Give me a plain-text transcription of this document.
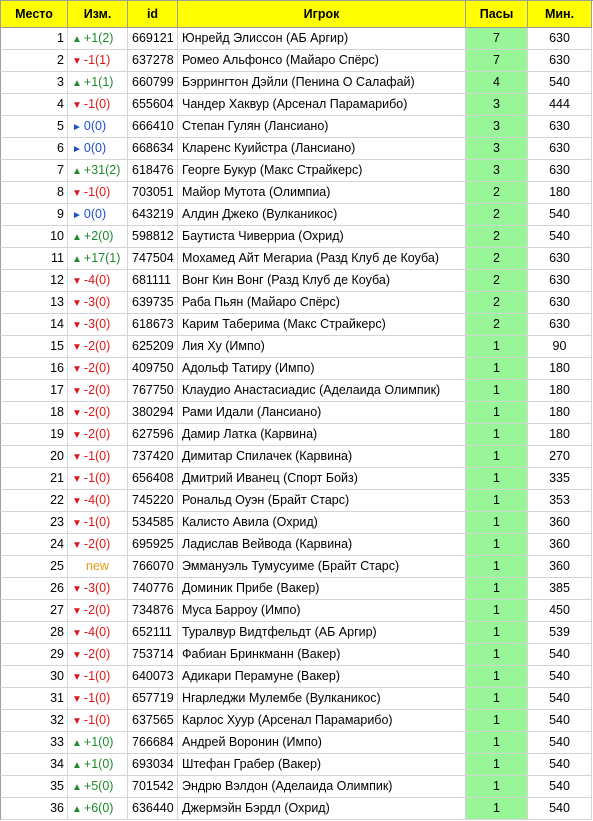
Место	Изм.	id	Игрок	Пасы	Мин.
1 ▲ +1(2)	669121 Юнрейд Элиссон (АБ Аргир)	7	630
2 ▼ -1(1)	637278 Ромео Альфонсо (Майаро Спёрс)	7	630
3 ▲ +1(1)	660799 Бэррингтон Дэйли (Пенина О Салафай)	4	540
4 ▼ -1(0)	655604 Чандер Хаквур (Арсенал Парамарибо)	3	444
5 ► 0(0)	666410 Степан Гулян (Лансиано)	3	630
6 ► 0(0)	668634 Кларенс Куийстра (Лансиано)	3	630
7 ▲ +31(2) 618476 Георге Букур (Макс Страйкерс)	3	630
8 ▼ -1(0)	703051 Майор Мутота (Олимпиа)	2	180
9 ► 0(0)	643219 Алдин Джеко (Вулканикос)	2	540
10 ▲ +2(0)	598812 Баутиста Чиверриа (Охрид)	2	540
11 ▲ +17(1) 747504 Мохамед Айт Мегариа (Разд Клуб де Коуба)	2	630
12 ▼ -4(0)	681111 Вонг Кин Вонг (Разд Клуб де Коуба)	2	630
13 ▼ -3(0)	639735 Раба Пьян (Майаро Спёрс)	2	630
14 ▼ -3(0)	618673 Карим Таберима (Макс Страйкерс)	2	630
15 ▼ -2(0)	625209 Лия Ху (Импо)	1	90
16 ▼ -2(0)	409750 Адольф Татиру (Импо)	1	180
17 ▼ -2(0)	767750 Клаудио Анастасиадис (Аделаида Олимпик)	1	180
18 ▼ -2(0)	380294 Рами Идали (Лансиано)	1	180
19 ▼ -2(0)	627596 Дамир Латка (Карвина)	1	180
20 ▼ -1(0)	737420 Димитар Спилачек (Карвина)	1	270
21 ▼ -1(0)	656408 Дмитрий Иванец (Спорт Бойз)	1	335
22 ▼ -4(0)	745220 Рональд Оуэн (Брайт Старс)	1	353
23 ▼ -1(0)	534585 Калисто Авила (Охрид)	1	360
24 ▼ -2(0)	695925 Ладислав Вейвода (Карвина)	1	360
25	new	766070 Эммануэль Тумусуиме (Брайт Старс)	1	360
26 ▼ -3(0)	740776 Доминик Прибе (Вакер)	1	385
27 ▼ -2(0)	734876 Муса Барроу (Импо)	1	450
28 ▼ -4(0)	652111 Туралвур Видтфельдт (АБ Аргир)	1	539
29 ▼ -2(0)	753714 Фабиан Бринкманн (Вакер)	1	540
30 ▼ -1(0)	640073 Адикари Перамуне (Вакер)	1	540
31 ▼ -1(0)	657719 Нгарледжи Мулембе (Вулканикос)	1	540
32 ▼ -1(0)	637565 Карлос Хуур (Арсенал Парамарибо)	1	540
33 ▲ +1(0)	766684 Андрей Воронин (Импо)	1	540
34 ▲ +1(0)	693034 Штефан Грабер (Вакер)	1	540
35 ▲ +5(0)	701542 Эндрю Вэлдон (Аделаида Олимпик)	1	540
36 ▲ +6(0)	636440 Джермэйн Бэрдл (Охрид)	1	540
